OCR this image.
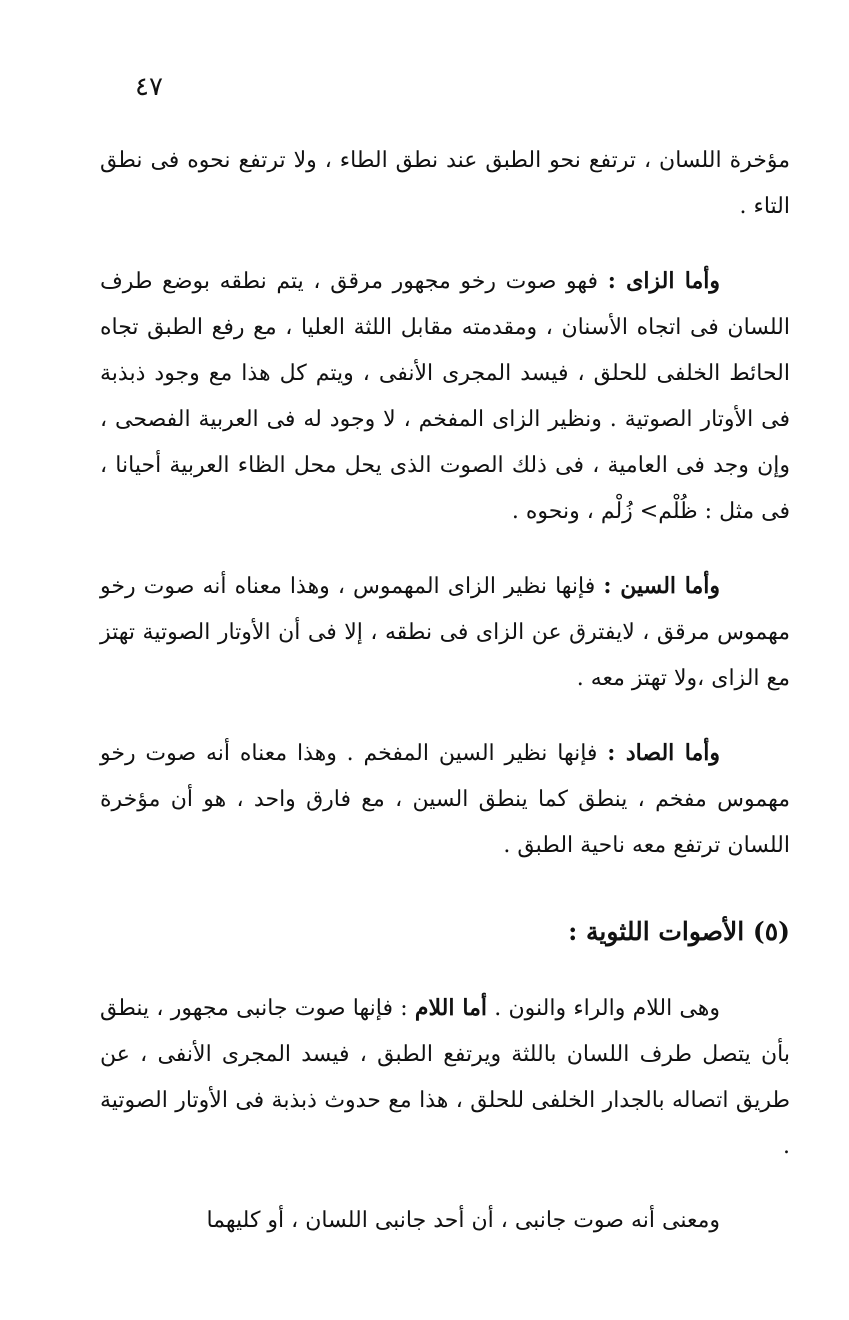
٤٧

مؤخرة اللسان ، ترتفع نحو الطبق عند نطق الطاء ، ولا ترتفع نحوه فى نطق التاء .

وأما الزاى : فهو صوت رخو مجهور مرقق ، يتم نطقه بوضع طرف اللسان فى اتجاه الأسنان ، ومقدمته مقابل اللثة العليا ، مع رفع الطبق تجاه الحائط الخلفى للحلق ، فيسد المجرى الأنفى ، ويتم كل هذا مع وجود ذبذبة فى الأوتار الصوتية . ونظير الزاى المفخم ، لا وجود له فى العربية الفصحى ، وإن وجد فى العامية ، فى ذلك الصوت الذى يحل محل الظاء العربية أحيانا ، فى مثل : ظُلْم> زُلْم ، ونحوه .

وأما السين : فإنها نظير الزاى المهموس ، وهذا معناه أنه صوت رخو مهموس مرقق ، لايفترق عن الزاى فى نطقه ، إلا فى أن الأوتار الصوتية تهتز مع الزاى ،ولا تهتز معه .

وأما الصاد : فإنها نظير السين المفخم . وهذا معناه أنه صوت رخو مهموس مفخم ، ينطق كما ينطق السين ، مع فارق واحد ، هو أن مؤخرة اللسان ترتفع معه ناحية الطبق .

(٥) الأصوات اللثوية :

وهى اللام والراء والنون . أما اللام : فإنها صوت جانبى مجهور ، ينطق بأن يتصل طرف اللسان باللثة ويرتفع الطبق ، فيسد المجرى الأنفى ، عن طريق اتصاله بالجدار الخلفى للحلق ، هذا مع حدوث ذبذبة فى الأوتار الصوتية .

ومعنى أنه صوت جانبى ، أن أحد جانبى اللسان ، أو كليهما
